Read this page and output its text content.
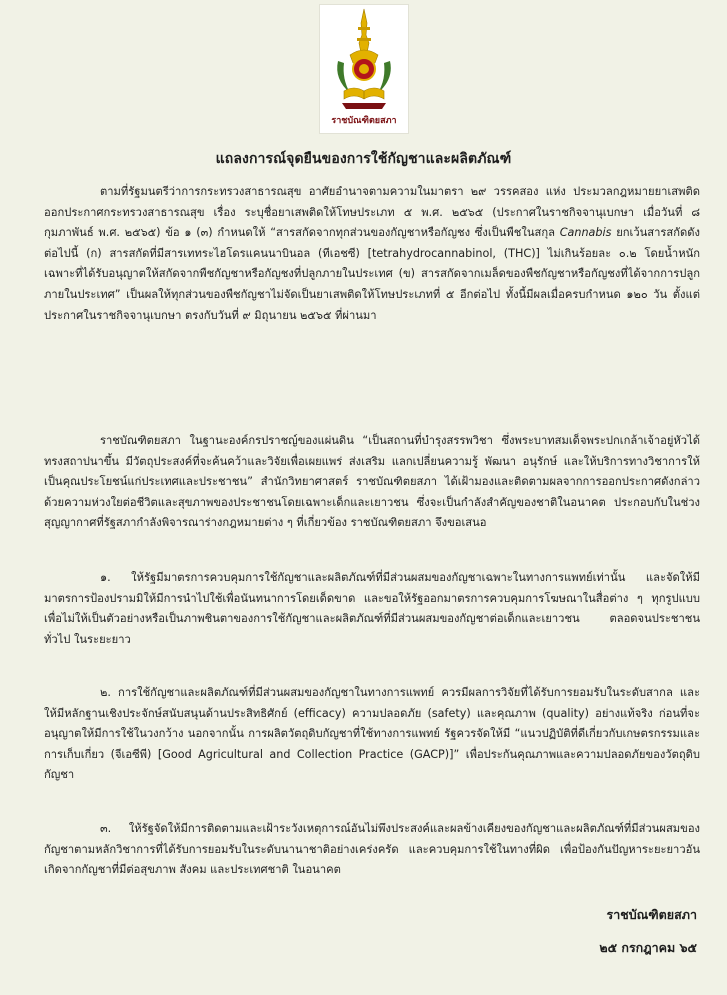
ราชบัณฑิตยสภา
แถลงการณ์จุดยืนของการใช้กัญชาและผลิตภัณฑ์

ตามที่รัฐมนตรีว่าการกระทรวงสาธารณสุข อาศัยอำนาจตามความในมาตรา ๒๙ วรรคสอง แห่ง ประมวลกฎหมายยาเสพติด ออกประกาศกระทรวงสาธารณสุข เรื่อง ระบุชื่อยาเสพติดให้โทษประเภท ๕ พ.ศ. ๒๕๖๕ (ประกาศในราชกิจจานุเบกษา เมื่อวันที่ ๘ กุมภาพันธ์ พ.ศ. ๒๕๖๕) ข้อ ๑ (๓) กำหนดให้ “สารสกัดจากทุกส่วนของกัญชาหรือกัญชง ซึ่งเป็นพืชในสกุล Cannabis ยกเว้นสารสกัดดังต่อไปนี้ (ก) สารสกัดที่มีสารเททระไฮโดรแคนนาบินอล (ทีเอชซี) [tetrahydrocannabinol, (THC)] ไม่เกินร้อยละ ๐.๒ โดยน้ำหนัก เฉพาะที่ได้รับอนุญาตให้สกัดจากพืชกัญชาหรือกัญชงที่ปลูกภายในประเทศ (ข) สารสกัดจากเมล็ดของพืชกัญชาหรือกัญชงที่ได้จากการปลูกภายในประเทศ” เป็นผลให้ทุกส่วนของพืชกัญชาไม่จัดเป็นยาเสพติดให้โทษประเภทที่ ๕ อีกต่อไป ทั้งนี้มีผลเมื่อครบกำหนด ๑๒๐ วัน ตั้งแต่ประกาศในราชกิจจานุเบกษา ตรงกับวันที่ ๙ มิถุนายน ๒๕๖๕ ที่ผ่านมา

ราชบัณฑิตยสภา ในฐานะองค์กรปราชญ์ของแผ่นดิน “เป็นสถานที่บำรุงสรรพวิชา ซึ่งพระบาทสมเด็จพระปกเกล้าเจ้าอยู่หัวได้ทรงสถาปนาขึ้น มีวัตถุประสงค์ที่จะค้นคว้าและวิจัยเพื่อเผยแพร่ ส่งเสริม แลกเปลี่ยนความรู้ พัฒนา อนุรักษ์ และให้บริการทางวิชาการให้เป็นคุณประโยชน์แก่ประเทศและประชาชน” สำนักวิทยาศาสตร์ ราชบัณฑิตยสภา ได้เฝ้ามองและติดตามผลจากการออกประกาศดังกล่าวด้วยความห่วงใยต่อชีวิตและสุขภาพของประชาชนโดยเฉพาะเด็กและเยาวชน ซึ่งจะเป็นกำลังสำคัญของชาติในอนาคต ประกอบกับในช่วงสุญญากาศที่รัฐสภากำลังพิจารณาร่างกฎหมายต่าง ๆ ที่เกี่ยวข้อง ราชบัณฑิตยสภา จึงขอเสนอ

๑. ให้รัฐมีมาตรการควบคุมการใช้กัญชาและผลิตภัณฑ์ที่มีส่วนผสมของกัญชาเฉพาะในทางการแพทย์เท่านั้น และจัดให้มีมาตรการป้องปรามมิให้มีการนำไปใช้เพื่อนันทนาการโดยเด็ดขาด และขอให้รัฐออกมาตรการควบคุมการโฆษณาในสื่อต่าง ๆ ทุกรูปแบบ เพื่อไม่ให้เป็นตัวอย่างหรือเป็นภาพชินตาของการใช้กัญชาและผลิตภัณฑ์ที่มีส่วนผสมของกัญชาต่อเด็กและเยาวชน ตลอดจนประชาชนทั่วไป ในระยะยาว

๒. การใช้กัญชาและผลิตภัณฑ์ที่มีส่วนผสมของกัญชาในทางการแพทย์ ควรมีผลการวิจัยที่ได้รับการยอมรับในระดับสากล และให้มีหลักฐานเชิงประจักษ์สนับสนุนด้านประสิทธิศักย์ (efficacy) ความปลอดภัย (safety) และคุณภาพ (quality) อย่างแท้จริง ก่อนที่จะอนุญาตให้มีการใช้ในวงกว้าง นอกจากนั้น การผลิตวัตถุดิบกัญชาที่ใช้ทางการแพทย์ รัฐควรจัดให้มี “แนวปฏิบัติที่ดีเกี่ยวกับเกษตรกรรมและการเก็บเกี่ยว (จีเอซีพี) [Good Agricultural and Collection Practice (GACP)]” เพื่อประกันคุณภาพและความปลอดภัยของวัตถุดิบกัญชา

๓. ให้รัฐจัดให้มีการติดตามและเฝ้าระวังเหตุการณ์อันไม่พึงประสงค์และผลข้างเคียงของกัญชาและผลิตภัณฑ์ที่มีส่วนผสมของกัญชาตามหลักวิชาการที่ได้รับการยอมรับในระดับนานาชาติอย่างเคร่งครัด และควบคุมการใช้ในทางที่ผิด เพื่อป้องกันปัญหาระยะยาวอันเกิดจากกัญชาที่มีต่อสุขภาพ สังคม และประเทศชาติ ในอนาคต

ราชบัณฑิตยสภา
๒๕ กรกฎาคม ๖๕
